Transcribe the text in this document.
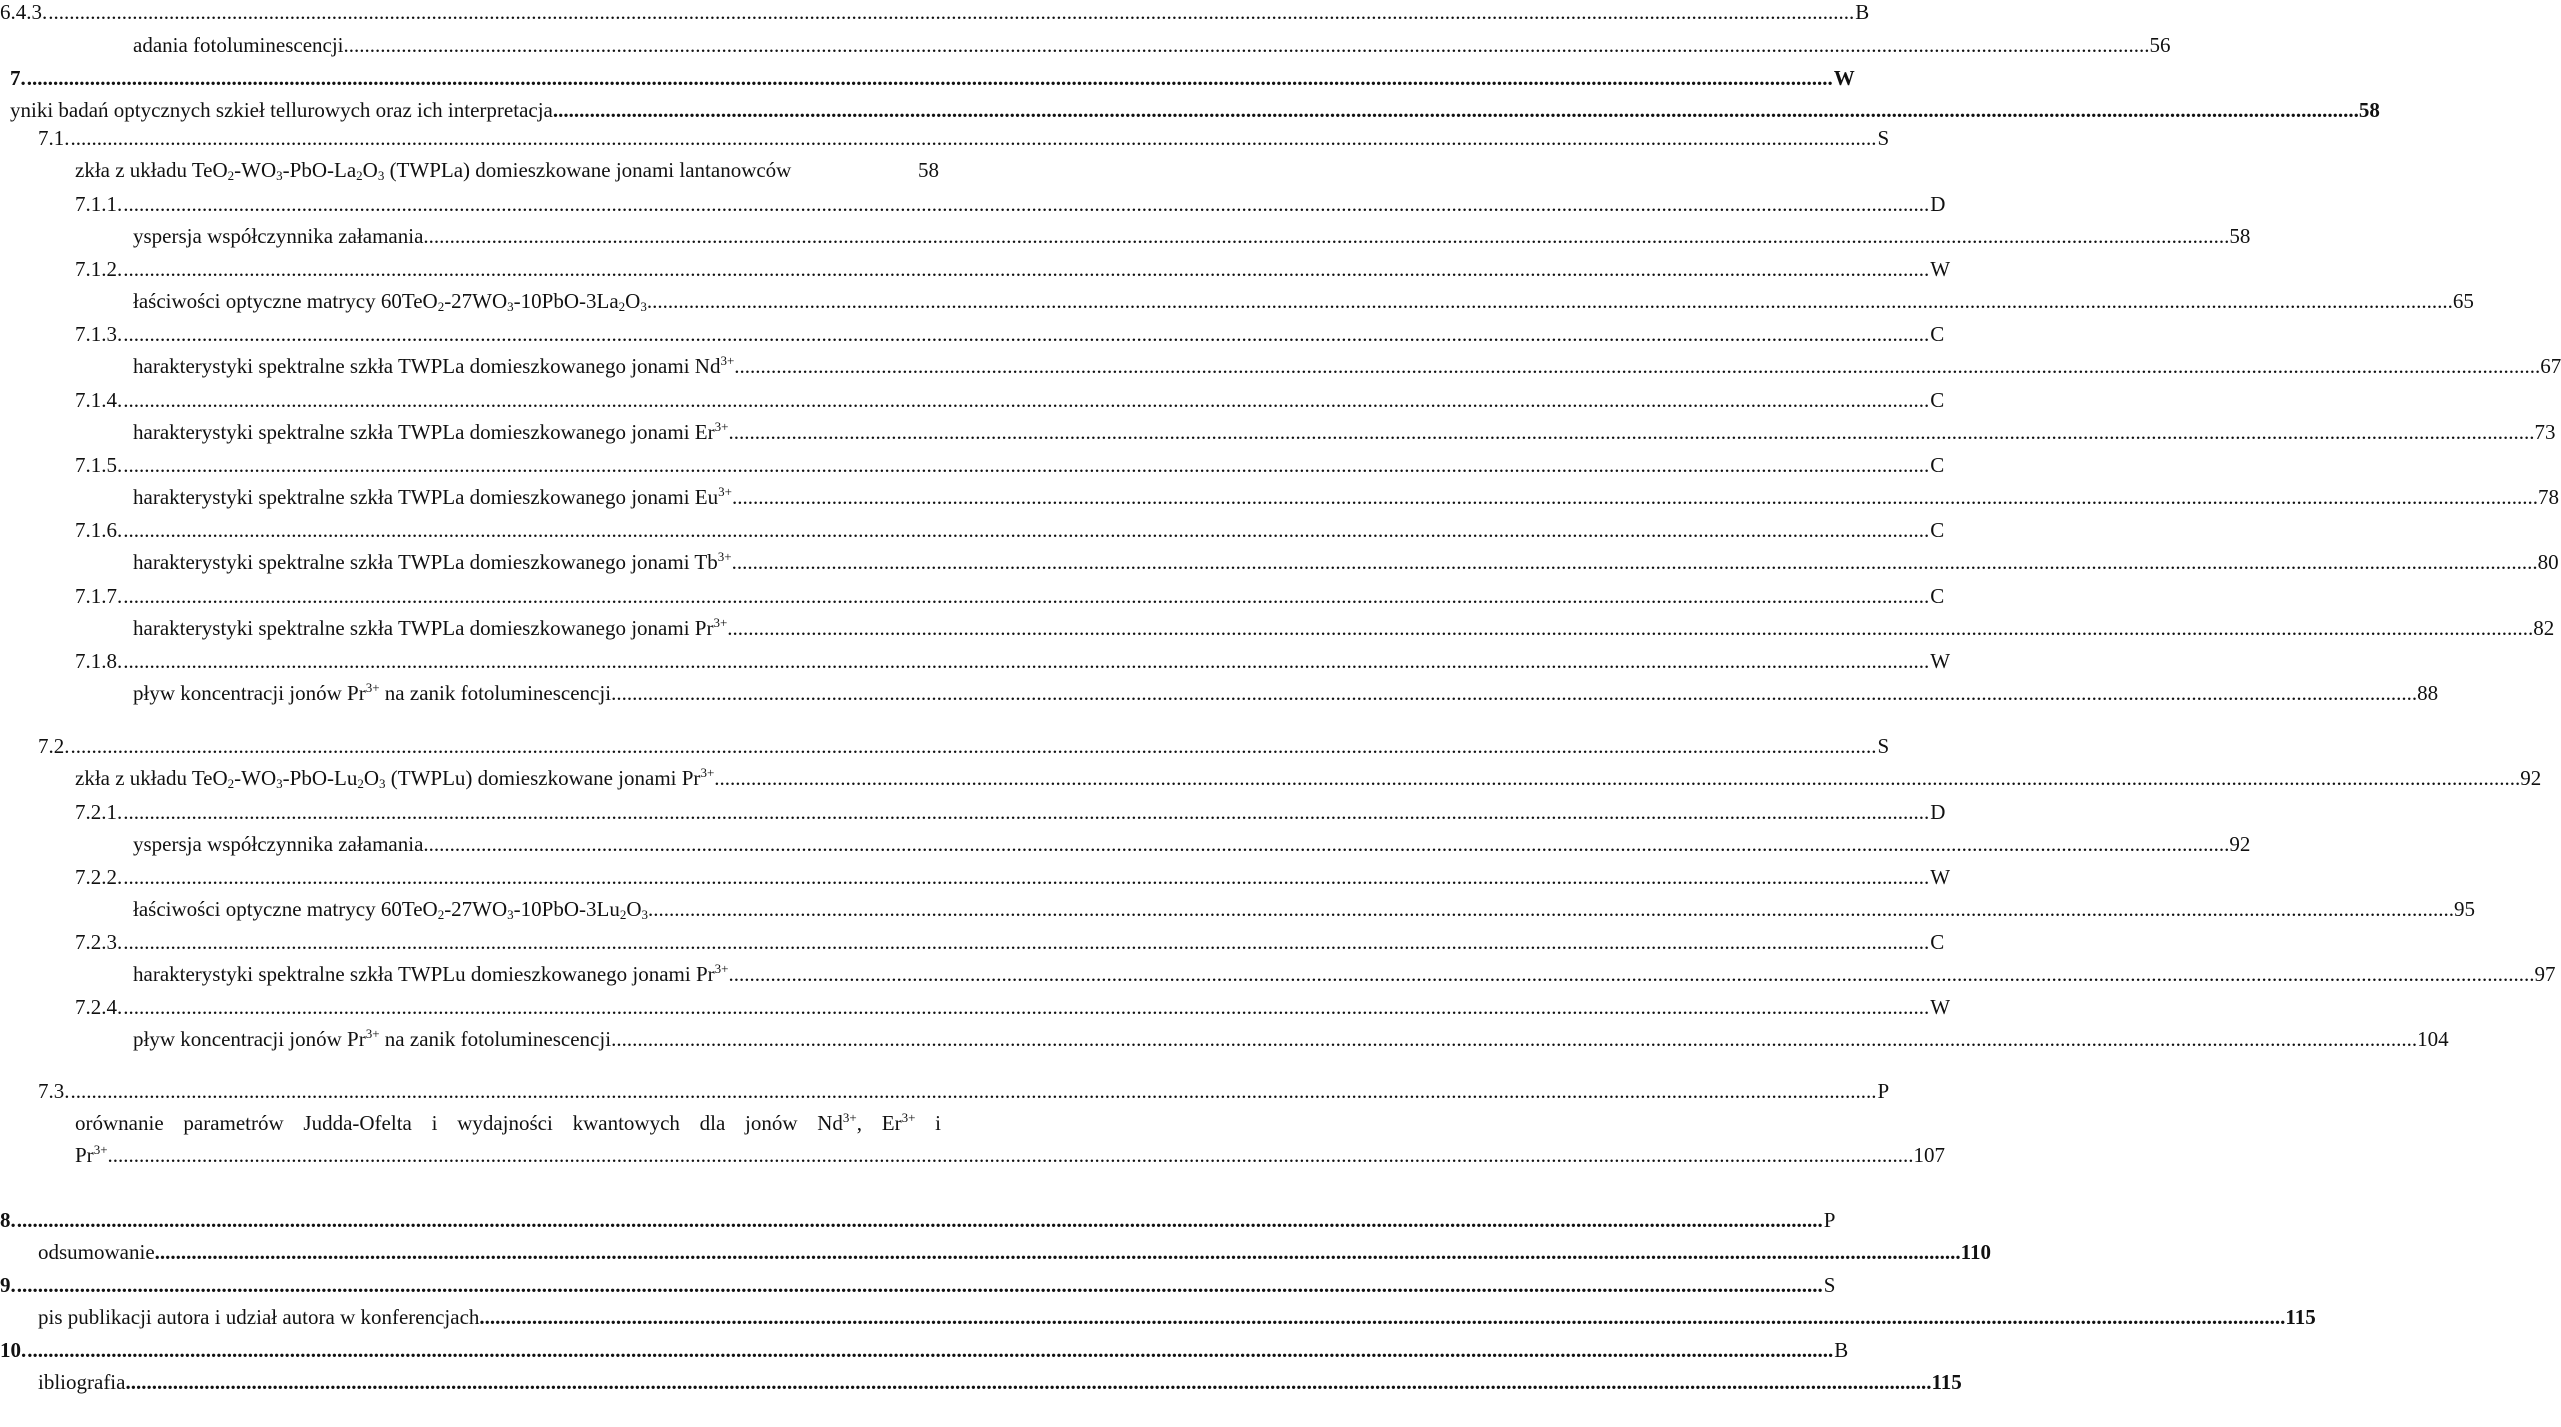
6.4.3. .....	B
adania fotoluminescencji .....	56
7. .....	W
yniki badań optycznych szkieł tellurowych oraz ich interpretacja .....	58
7.1. .....	S
zkła z układu $TeO_2-WO_3-PbO-La_2O_3$ (TWPLa) domieszkowane jonami lantanowców	58
7.1.1. .....	D
yspersja współczynnika załamania .....	58
7.1.2. .....	W
łaściwości optyczne matrycy $60TeO_2-27WO_3-10PbO-3La_2O_3$ .....	65
7.1.3. .....	C
harakterystyki spektralne szkła TWPLa domieszkowanego jonami $Nd^{3+}$ .....	67
7.1.4. .....	C
harakterystyki spektralne szkła TWPLa domieszkowanego jonami $Er^{3+}$ .....	73
7.1.5. .....	C
harakterystyki spektralne szkła TWPLa domieszkowanego jonami $Eu^{3+}$ .....	78
7.1.6. .....	C
harakterystyki spektralne szkła TWPLa domieszkowanego jonami $Tb^{3+}$ .....	80
7.1.7. .....	C
harakterystyki spektralne szkła TWPLa domieszkowanego jonami $Pr^{3+}$ .....	82
7.1.8. .....	W
pływ koncentracji jonów $Pr^{3+}$ na zanik fotoluminescencji .....	88
7.2. .....	S
zkła z układu $TeO_2-WO_3-PbO-Lu_2O_3$ (TWPLu) domieszkowane jonami $Pr^{3+}$ .....	92
7.2.1. .....	D
yspersja współczynnika załamania .....	92
7.2.2. .....	W
łaściwości optyczne matrycy $60TeO_2-27WO_3-10PbO-3Lu_2O_3$ .....	95
7.2.3. .....	C
harakterystyki spektralne szkła TWPLu domieszkowanego jonami $Pr^{3+}$ .....	97
7.2.4. .....	W
pływ koncentracji jonów $Pr^{3+}$ na zanik fotoluminescencji .....	104
7.3. .....	P
orównanie parametrów Judda-Ofelta i wydajności kwantowych dla jonów $Nd^{3+}$, $Er^{3+}$ i
$Pr^{3+}$ .....	107
8. .....	P
odsumowanie .....	110
9. .....	S
pis publikacji autora i udział autora w konferencjach .....	115
10. .....	B
ibliografia .....	115
